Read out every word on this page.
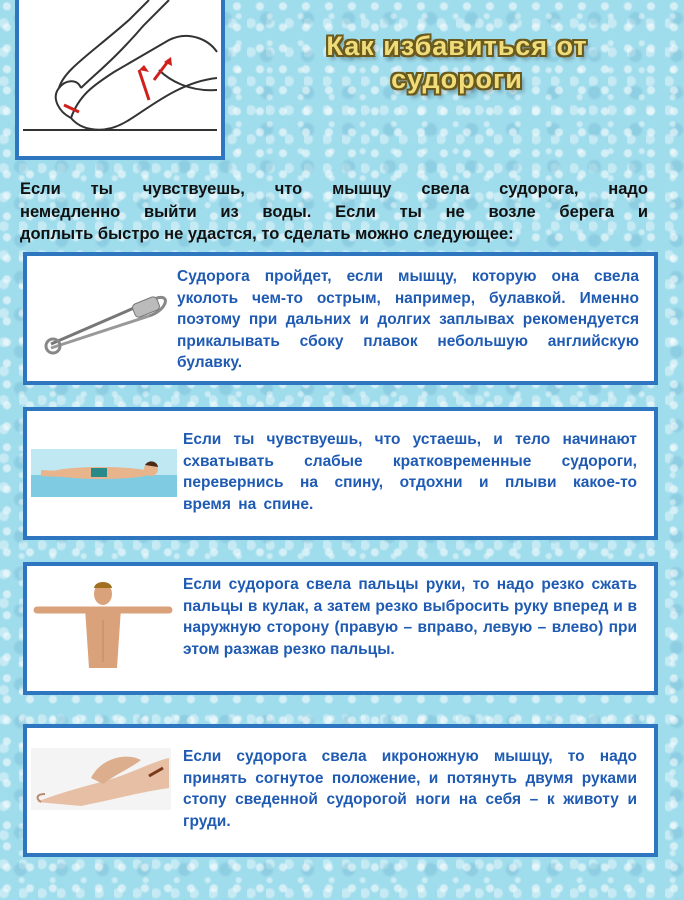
Как избавиться от
судороги
Если ты чувствуешь, что мышцу свела судорога, надо
немедленно выйти из воды. Если ты не возле берега и
доплыть быстро не удастся, то сделать можно следующее:
Судорога пройдет, если мышцу, которую она свела уколоть чем-то острым, например, булавкой. Именно поэтому при дальних и долгих заплывах рекомендуется прикалывать сбоку плавок небольшую английскую булавку.
Если ты чувствуешь, что устаешь, и тело начинают схватывать слабые кратковременные судороги, переверниcь на спину, отдохни и плыви какое-то время на спине.
Если судорога свела пальцы руки, то надо резко сжать пальцы в кулак, а затем резко выбросить руку вперед и в наружную сторону (правую – вправо, левую – влево) при этом разжав резко пальцы.
Если судорога свела икроножную мышцу, то надо принять согнутое положение, и потянуть двумя руками стопу сведенной судорогой ноги на себя – к животу и груди.
